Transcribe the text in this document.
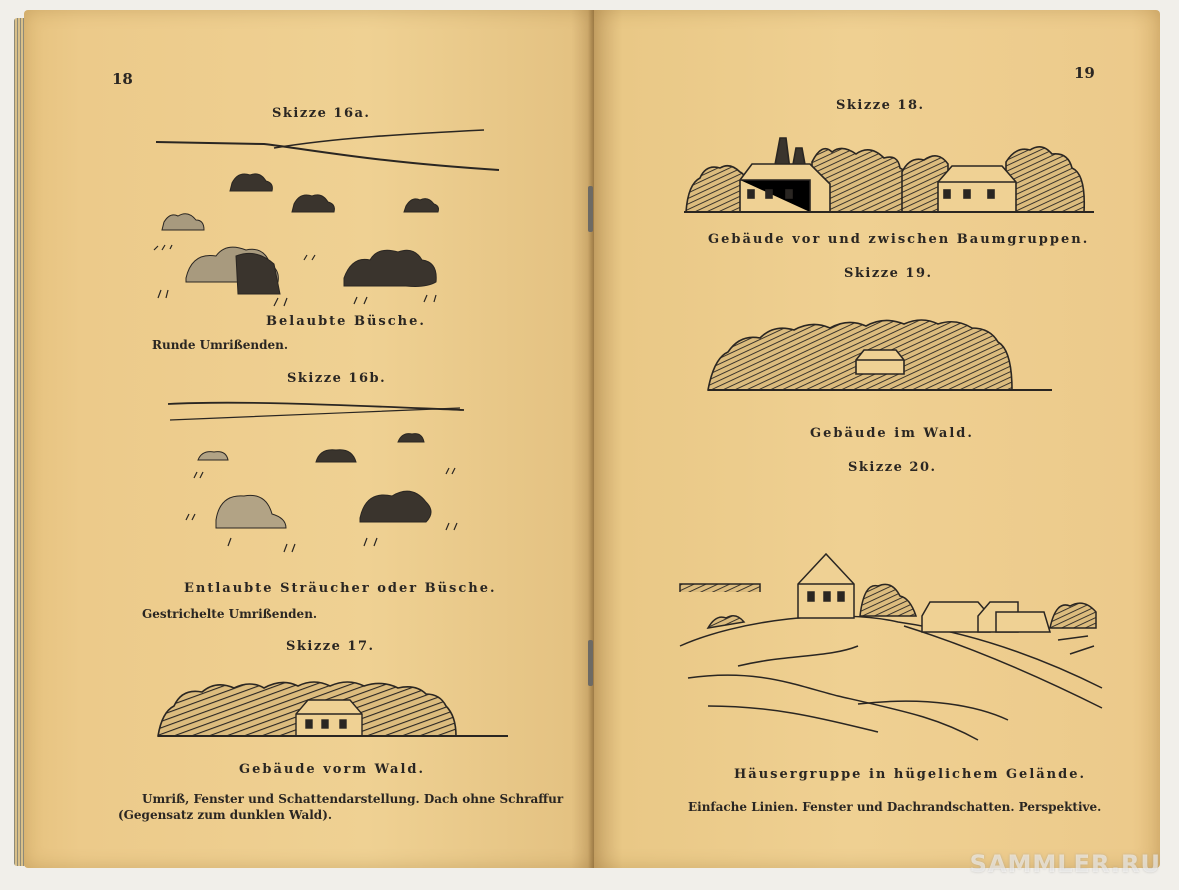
18
Skizze 16a.
Belaubte Büsche.
Runde Umrißenden.
Skizze 16b.
Entlaubte Sträucher oder Büsche.
Gestrichelte Umrißenden.
Skizze 17.
Gebäude vorm Wald.
Umriß, Fenster und Schattendarstellung. Dach ohne Schraffur
(Gegensatz zum dunklen Wald).
19
Skizze 18.
Gebäude vor und zwischen Baumgruppen.
Skizze 19.
Gebäude im Wald.
Skizze 20.
Häusergruppe in hügelichem Gelände.
Einfache Linien. Fenster und Dachrandschatten. Perspektive.
SAMMLER.RU
